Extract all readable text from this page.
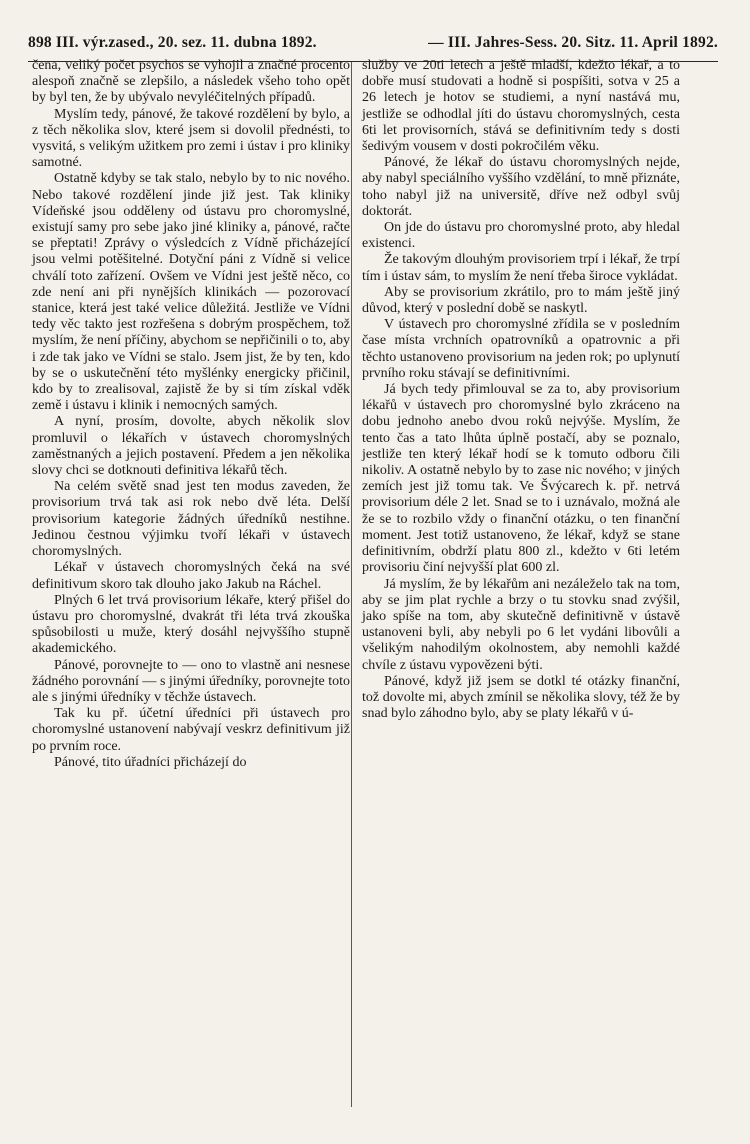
898 III. výr.zased., 20. sez. 11. dubna 1892.	— III. Jahres-Sess. 20. Sitz. 11. April 1892.

čena, veliký počet psychos se vyhojil a značné procento alespoň značně se zlepšilo, a následek všeho toho opět by byl ten, že by ubývalo nevyléčitelných případů.

Myslím tedy, pánové, že takové rozdělení by bylo, a z těch několika slov, které jsem si dovolil přednésti, to vysvitá, s velikým užitkem pro zemi i ústav i pro kliniky samotné.

Ostatně kdyby se tak stalo, nebylo by to nic nového. Nebo takové rozdělení jinde již jest. Tak kliniky Vídeňské jsou odděleny od ústavu pro choromyslné, existují samy pro sebe jako jiné kliniky a, pánové, račte se přeptati! Zprávy o výsledcích z Vídně přicházející jsou velmi potěšitelné. Dotyční páni z Vídně si velice chválí toto zařízení. Ovšem ve Vídni jest ještě něco, co zde není ani při nynějších klinikách — pozorovací stanice, která jest také velice důležitá. Jestliže ve Vídni tedy věc takto jest rozřešena s dobrým prospěchem, tož myslím, že není příčiny, abychom se nepřičinili o to, aby i zde tak jako ve Vídni se stalo. Jsem jist, že by ten, kdo by se o uskutečnění této myšlénky energicky přičinil, kdo by to zrealisoval, zajistě že by si tím získal vděk země i ústavu i klinik i nemocných samých.

A nyní, prosím, dovolte, abych několik slov promluvil o lékařích v ústavech choromyslných zaměstnaných a jejich postavení. Předem a jen několika slovy chci se dotknouti definitiva lékařů těch.

Na celém světě snad jest ten modus zaveden, že provisorium trvá tak asi rok nebo dvě léta. Delší provisorium kategorie žádných úředníků nestihne. Jedinou čestnou výjimku tvoří lékaři v ústavech choromyslných.

Lékař v ústavech choromyslných čeká na své definitivum skoro tak dlouho jako Jakub na Ráchel.

Plných 6 let trvá provisorium lékaře, který přišel do ústavu pro choromyslné, dvakrát tři léta trvá zkouška spůsobilosti u muže, který dosáhl nejvyššího stupně akademického.

Pánové, porovnejte to — ono to vlastně ani nesnese žádného porovnání — s jinými úředníky, porovnejte toto ale s jinými úředníky v těchže ústavech.

Tak ku př. účetní úředníci při ústavech pro choromyslné ustanovení nabývají veskrz definitivum již po prvním roce.

Pánové, tito úřadníci přicházejí do

služby ve 20ti letech a ještě mladší, kdežto lékař, a to dobře musí studovati a hodně si pospíšiti, sotva v 25 a 26 letech je hotov se studiemi, a nyní nastává mu, jestliže se odhodlal jíti do ústavu choromyslných, cesta 6ti let provisorních, stává se definitivním tedy s dosti šedivým vousem v dosti pokročilém věku.

Pánové, že lékař do ústavu choromyslných nejde, aby nabyl speciálního vyššího vzdělání, to mně přiznáte, toho nabyl již na universitě, dříve než odbyl svůj doktorát.

On jde do ústavu pro choromyslné proto, aby hledal existenci.

Že takovým dlouhým provisoriem trpí i lékař, že trpí tím i ústav sám, to myslím že není třeba široce vykládat.

Aby se provisorium zkrátilo, pro to mám ještě jiný důvod, který v poslední době se naskytl.

V ústavech pro choromyslné zřídila se v posledním čase místa vrchních opatrovníků a opatrovnic a při těchto ustanoveno provisorium na jeden rok; po uplynutí prvního roku stávají se definitivními.

Já bych tedy přimlouval se za to, aby provisorium lékařů v ústavech pro choromyslné bylo zkráceno na dobu jednoho anebo dvou roků nejvýše. Myslím, že tento čas a tato lhůta úplně postačí, aby se poznalo, jestliže ten který lékař hodí se k tomuto odboru čili nikoliv. A ostatně nebylo by to zase nic nového; v jiných zemích jest již tomu tak. Ve Švýcarech k. př. netrvá provisorium déle 2 let. Snad se to i uznávalo, možná ale že se to rozbilo vždy o finanční otázku, o ten finanční moment. Jest totiž ustanoveno, že lékař, když se stane definitivním, obdrží platu 800 zl., kdežto v 6ti letém provisoriu činí nejvyšší plat 600 zl.

Já myslím, že by lékařům ani nezáleželo tak na tom, aby se jim plat rychle a brzy o tu stovku snad zvýšil, jako spíše na tom, aby skutečně definitivně v ústavě ustanoveni byli, aby nebyli po 6 let vydáni libovůli a všelikým nahodilým okolnostem, aby nemohli každé chvíle z ústavu vypovězeni býti.

Pánové, když již jsem se dotkl té otázky finanční, tož dovolte mi, abych zmínil se několika slovy, též že by snad bylo záhodno bylo, aby se platy lékařů v ú-
